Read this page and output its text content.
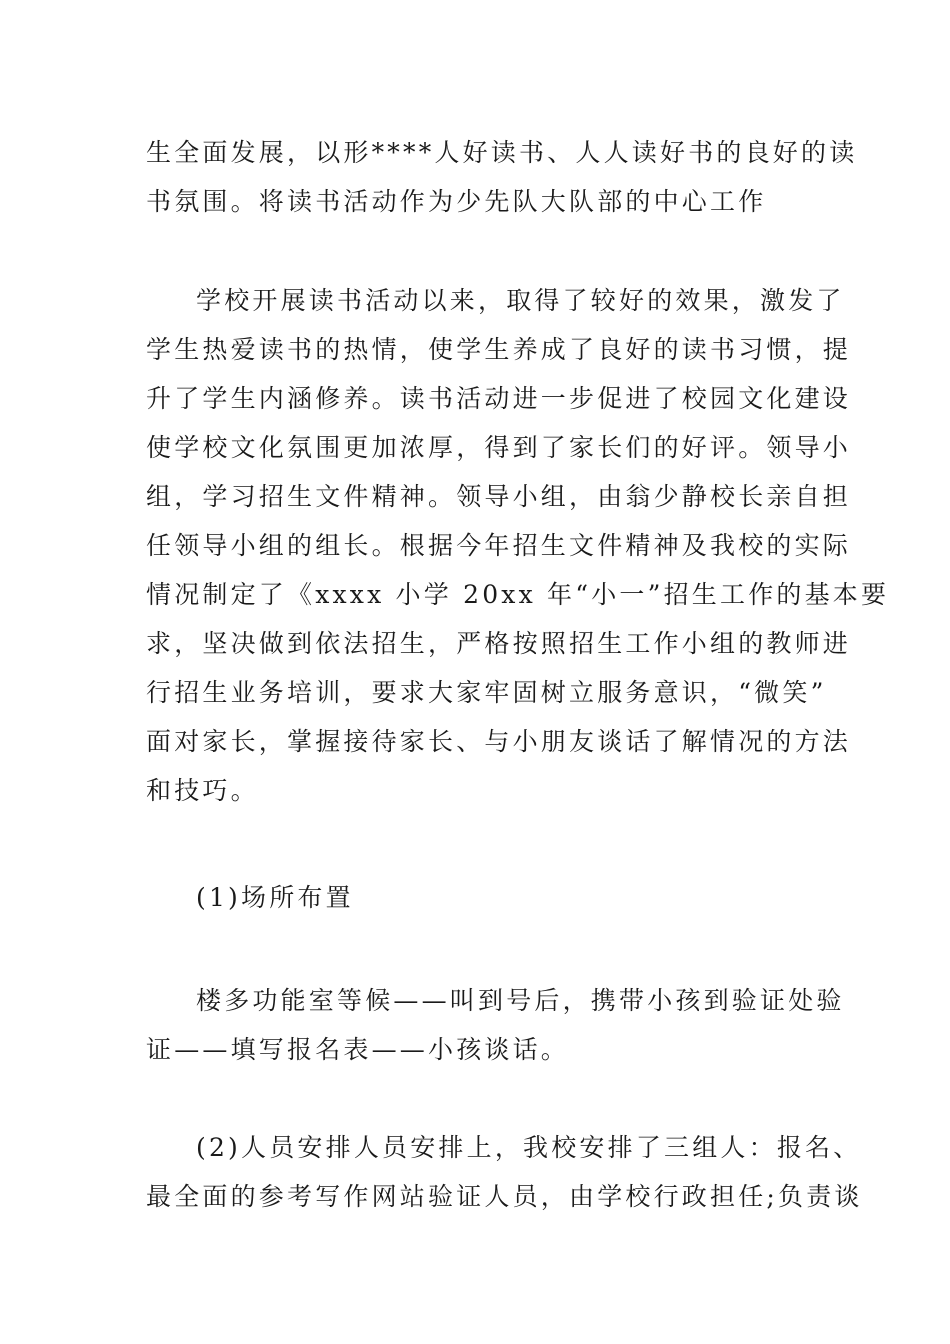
生全面发展，以形****人好读书、人人读好书的良好的读
书氛围。将读书活动作为少先队大队部的中心工作
学校开展读书活动以来，取得了较好的效果，激发了
学生热爱读书的热情，使学生养成了良好的读书习惯，提
升了学生内涵修养。读书活动进一步促进了校园文化建设
使学校文化氛围更加浓厚，得到了家长们的好评。领导小
组，学习招生文件精神。领导小组，由翁少静校长亲自担
任领导小组的组长。根据今年招生文件精神及我校的实际
情况制定了《xxxx 小学 20xx 年“小一”招生工作的基本要
求，坚决做到依法招生，严格按照招生工作小组的教师进
行招生业务培训，要求大家牢固树立服务意识，“微笑”
面对家长，掌握接待家长、与小朋友谈话了解情况的方法
和技巧。
(1)场所布置
楼多功能室等候——叫到号后，携带小孩到验证处验
证——填写报名表——小孩谈话。
(2)人员安排人员安排上，我校安排了三组人：报名、
最全面的参考写作网站验证人员，由学校行政担任;负责谈
